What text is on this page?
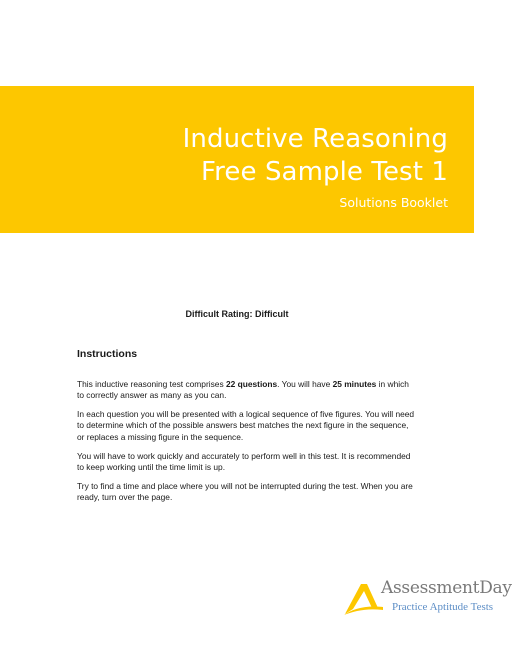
Inductive Reasoning
Free Sample Test 1
Solutions Booklet
Difficult Rating: Difficult
Instructions

This inductive reasoning test comprises 22 questions. You will have 25 minutes in which to correctly answer as many as you can.

In each question you will be presented with a logical sequence of five figures. You will need to determine which of the possible answers best matches the next figure in the sequence, or replaces a missing figure in the sequence.

You will have to work quickly and accurately to perform well in this test. It is recommended to keep working until the time limit is up.

Try to find a time and place where you will not be interrupted during the test. When you are ready, turn over the page.

AssessmentDay
Practice Aptitude Tests
